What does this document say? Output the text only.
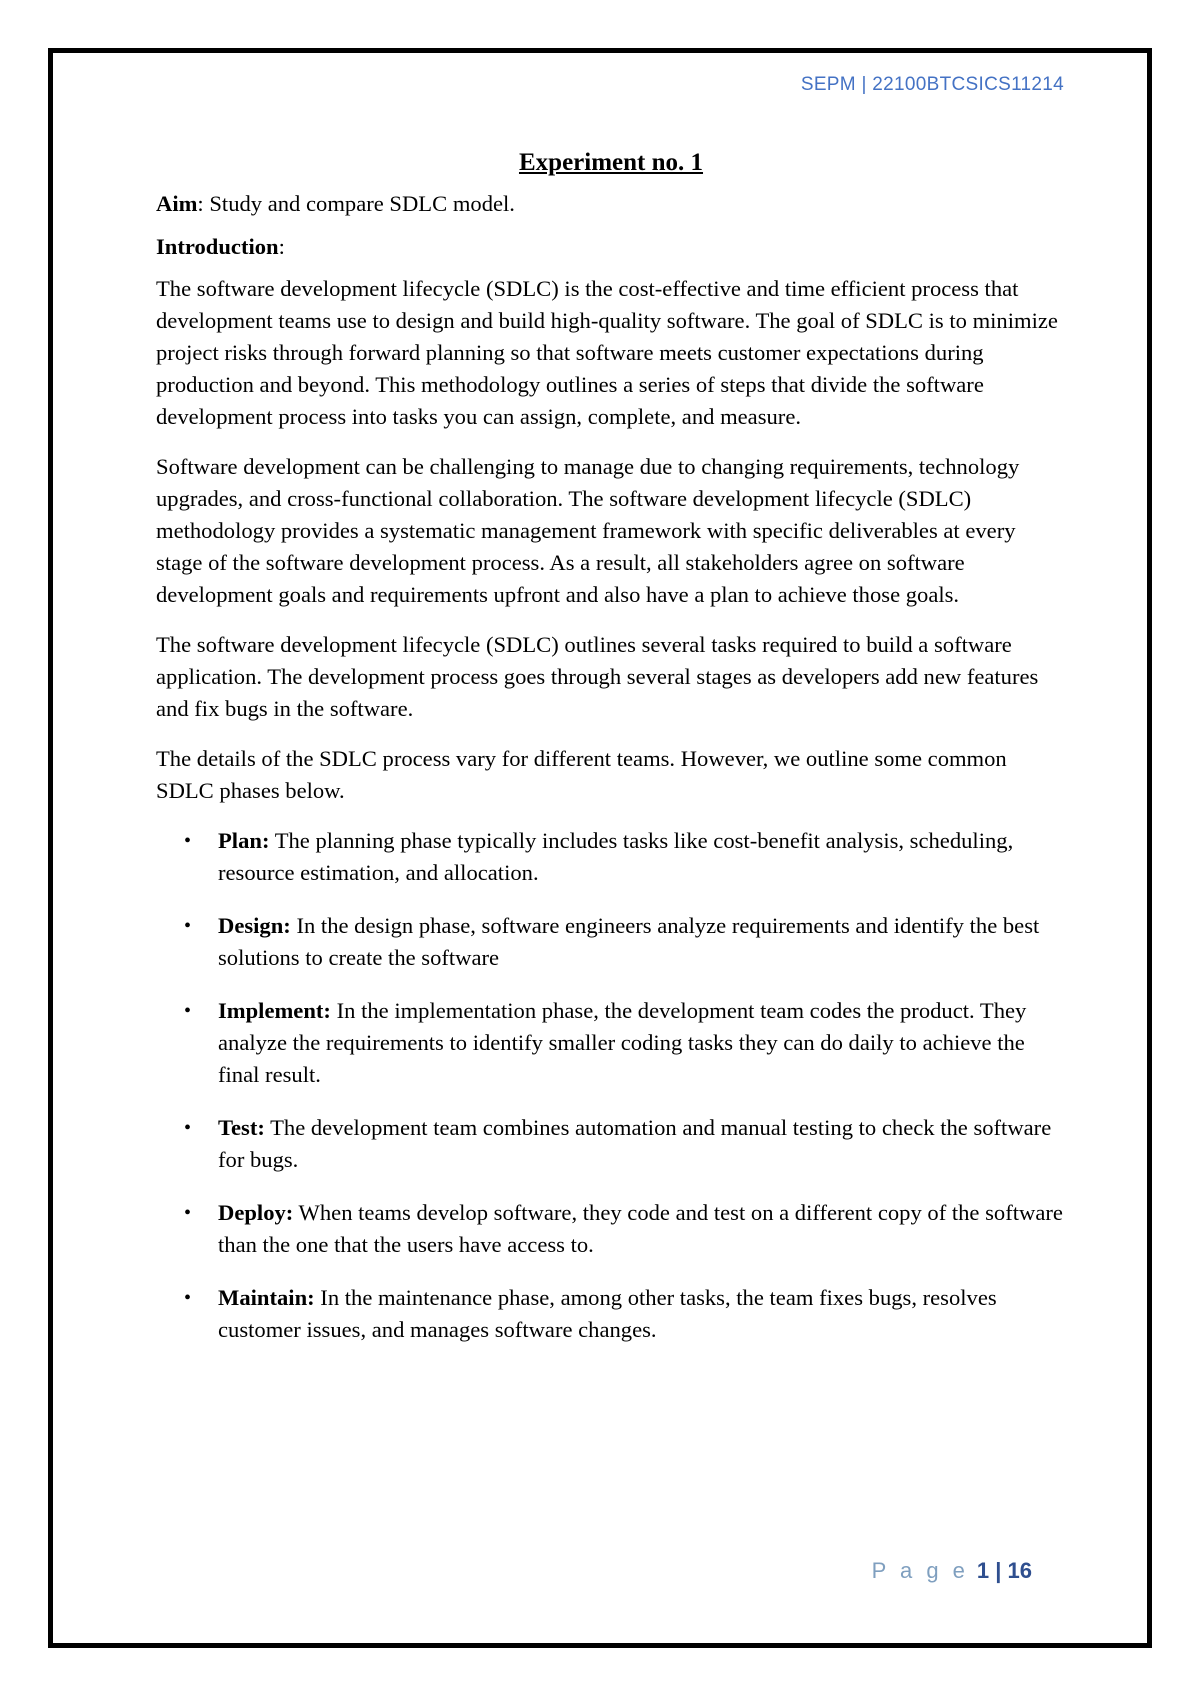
SEPM | 22100BTCSICS11214
Experiment no. 1

Aim: Study and compare SDLC model.

Introduction:

The software development lifecycle (SDLC) is the cost-effective and time efficient process that development teams use to design and build high-quality software. The goal of SDLC is to minimize project risks through forward planning so that software meets customer expectations during production and beyond. This methodology outlines a series of steps that divide the software development process into tasks you can assign, complete, and measure.

Software development can be challenging to manage due to changing requirements, technology upgrades, and cross-functional collaboration. The software development lifecycle (SDLC) methodology provides a systematic management framework with specific deliverables at every stage of the software development process. As a result, all stakeholders agree on software development goals and requirements upfront and also have a plan to achieve those goals.

The software development lifecycle (SDLC) outlines several tasks required to build a software application. The development process goes through several stages as developers add new features and fix bugs in the software.

The details of the SDLC process vary for different teams. However, we outline some common SDLC phases below.

• Plan: The planning phase typically includes tasks like cost-benefit analysis, scheduling, resource estimation, and allocation.
• Design: In the design phase, software engineers analyze requirements and identify the best solutions to create the software
• Implement: In the implementation phase, the development team codes the product. They analyze the requirements to identify smaller coding tasks they can do daily to achieve the final result.
• Test: The development team combines automation and manual testing to check the software for bugs.
• Deploy: When teams develop software, they code and test on a different copy of the software than the one that the users have access to.
• Maintain: In the maintenance phase, among other tasks, the team fixes bugs, resolves customer issues, and manages software changes.
P a g e 1 | 16
